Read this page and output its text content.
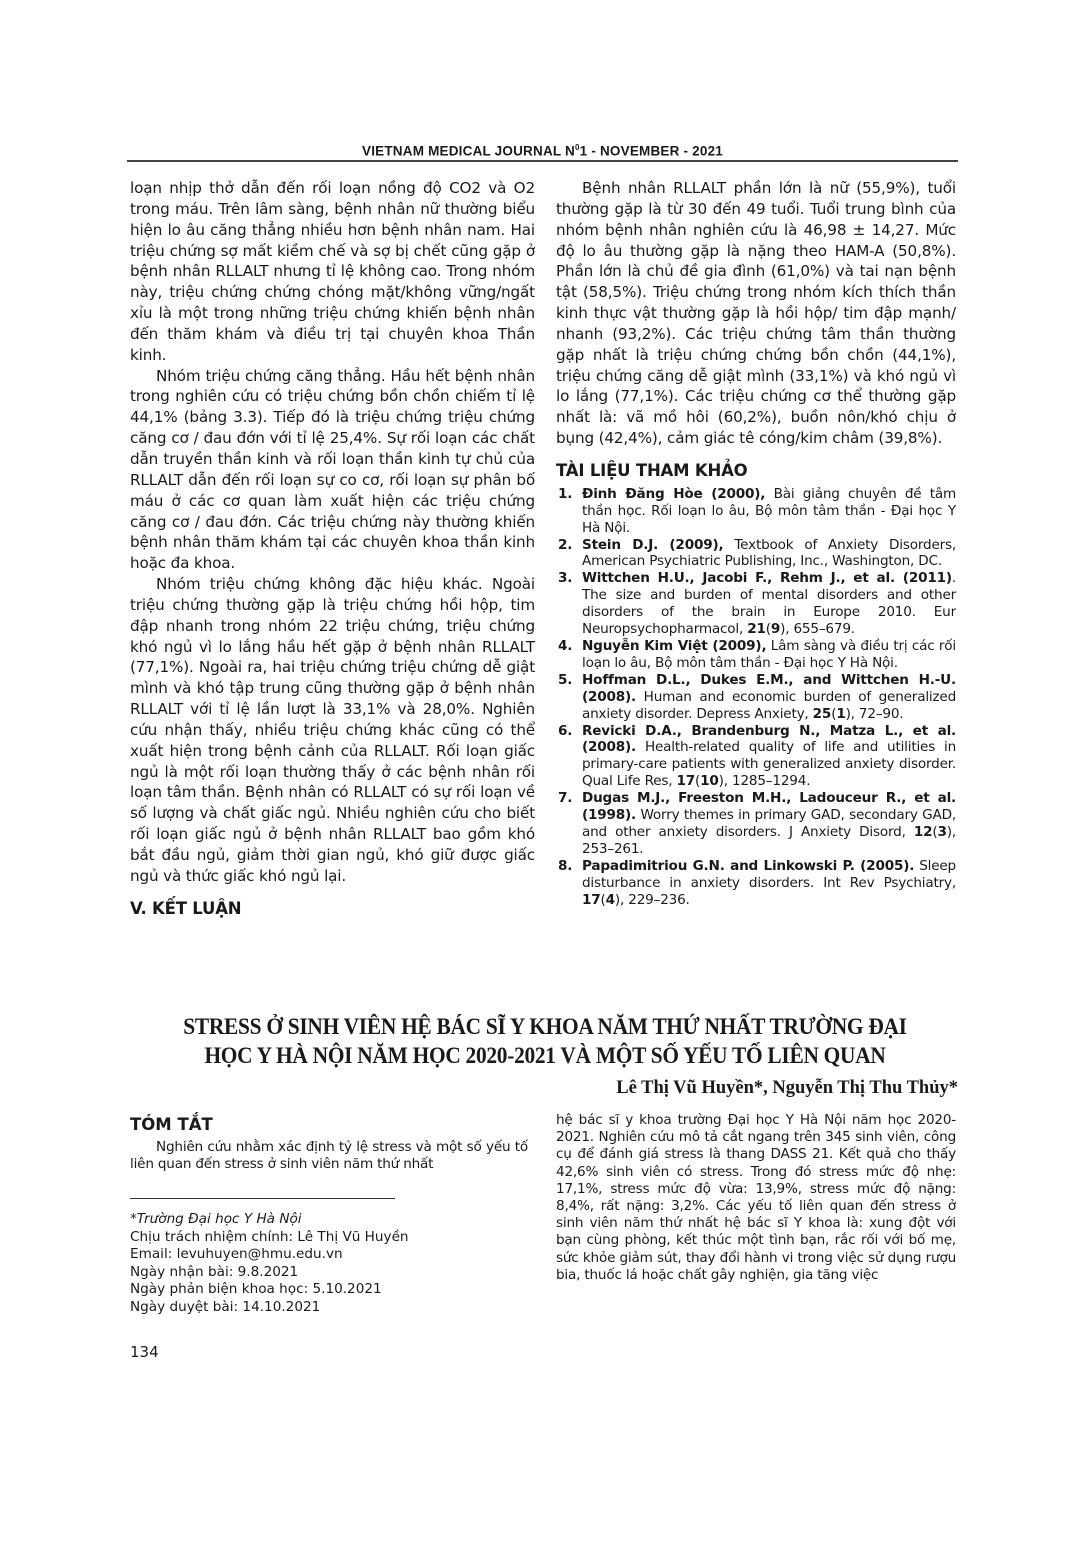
VIETNAM MEDICAL JOURNAL $N^01$ - NOVEMBER - 2021

loạn nhịp thở dẫn đến rối loạn nồng độ CO2 và O2 trong máu. Trên lâm sàng, bệnh nhân nữ thường biểu hiện lo âu căng thẳng nhiều hơn bệnh nhân nam. Hai triệu chứng sợ mất kiềm chế và sợ bị chết cũng gặp ở bệnh nhân RLLALT nhưng tỉ lệ không cao. Trong nhóm này, triệu chứng chứng chóng mặt/không vững/ngất xỉu là một trong những triệu chứng khiến bệnh nhân đến thăm khám và điều trị tại chuyên khoa Thần kinh.

Nhóm triệu chứng căng thẳng. Hầu hết bệnh nhân trong nghiên cứu có triệu chứng bồn chồn chiếm tỉ lệ 44,1% (bảng 3.3). Tiếp đó là triệu chứng triệu chứng căng cơ / đau đớn với tỉ lệ 25,4%. Sự rối loạn các chất dẫn truyền thần kinh và rối loạn thần kinh tự chủ của RLLALT dẫn đến rối loạn sự co cơ, rối loạn sự phân bố máu ở các cơ quan làm xuất hiện các triệu chứng căng cơ / đau đớn. Các triệu chứng này thường khiến bệnh nhân thăm khám tại các chuyên khoa thần kinh hoặc đa khoa.

Nhóm triệu chứng không đặc hiệu khác. Ngoài triệu chứng thường gặp là triệu chứng hồi hộp, tim đập nhanh trong nhóm 22 triệu chứng, triệu chứng khó ngủ vì lo lắng hầu hết gặp ở bệnh nhân RLLALT (77,1%). Ngoài ra, hai triệu chứng triệu chứng dễ giật mình và khó tập trung cũng thường gặp ở bệnh nhân RLLALT với tỉ lệ lần lượt là 33,1% và 28,0%. Nghiên cứu nhận thấy, nhiều triệu chứng khác cũng có thể xuất hiện trong bệnh cảnh của RLLALT. Rối loạn giấc ngủ là một rối loạn thường thấy ở các bệnh nhân rối loạn tâm thần. Bệnh nhân có RLLALT có sự rối loạn về số lượng và chất giấc ngủ. Nhiều nghiên cứu cho biết rối loạn giấc ngủ ở bệnh nhân RLLALT bao gồm khó bắt đầu ngủ, giảm thời gian ngủ, khó giữ được giấc ngủ và thức giấc khó ngủ lại.

V. KẾT LUẬN

Bệnh nhân RLLALT phần lớn là nữ (55,9%), tuổi thường gặp là từ 30 đến 49 tuổi. Tuổi trung bình của nhóm bệnh nhân nghiên cứu là 46,98 ± 14,27. Mức độ lo âu thường gặp là nặng theo HAM-A (50,8%). Phần lớn là chủ đề gia đình (61,0%) và tai nạn bệnh tật (58,5%). Triệu chứng trong nhóm kích thích thần kinh thực vật thường gặp là hồi hộp/ tim đập mạnh/ nhanh (93,2%). Các triệu chứng tâm thần thường gặp nhất là triệu chứng chứng bồn chồn (44,1%), triệu chứng căng dễ giật mình (33,1%) và khó ngủ vì lo lắng (77,1%). Các triệu chứng cơ thể thường gặp nhất là: vã mồ hôi (60,2%), buồn nôn/khó chịu ở bụng (42,4%), cảm giác tê cóng/kim châm (39,8%).

TÀI LIỆU THAM KHẢO
1. Đinh Đăng Hòe (2000), Bài giảng chuyên đề tâm thần học. Rối loạn lo âu, Bộ môn tâm thần - Đại học Y Hà Nội.
2. Stein D.J. (2009), Textbook of Anxiety Disorders, American Psychiatric Publishing, Inc., Washington, DC.
3. Wittchen H.U., Jacobi F., Rehm J., et al. (2011). The size and burden of mental disorders and other disorders of the brain in Europe 2010. Eur Neuropsychopharmacol, 21(9), 655–679.
4. Nguyễn Kim Việt (2009), Lâm sàng và điều trị các rối loạn lo âu, Bộ môn tâm thần - Đại học Y Hà Nội.
5. Hoffman D.L., Dukes E.M., and Wittchen H.-U. (2008). Human and economic burden of generalized anxiety disorder. Depress Anxiety, 25(1), 72–90.
6. Revicki D.A., Brandenburg N., Matza L., et al. (2008). Health-related quality of life and utilities in primary-care patients with generalized anxiety disorder. Qual Life Res, 17(10), 1285–1294.
7. Dugas M.J., Freeston M.H., Ladouceur R., et al. (1998). Worry themes in primary GAD, secondary GAD, and other anxiety disorders. J Anxiety Disord, 12(3), 253–261.
8. Papadimitriou G.N. and Linkowski P. (2005). Sleep disturbance in anxiety disorders. Int Rev Psychiatry, 17(4), 229–236.
STRESS Ở SINH VIÊN HỆ BÁC SĨ Y KHOA NĂM THỨ NHẤT TRƯỜNG ĐẠI
HỌC Y HÀ NỘI NĂM HỌC 2020-2021 VÀ MỘT SỐ YẾU TỐ LIÊN QUAN
Lê Thị Vũ Huyền*, Nguyễn Thị Thu Thủy*
TÓM TẮT
Nghiên cứu nhằm xác định tỷ lệ stress và một số yếu tố liên quan đến stress ở sinh viên năm thứ nhất
hệ bác sĩ y khoa trường Đại học Y Hà Nội năm học 2020-2021. Nghiên cứu mô tả cắt ngang trên 345 sinh viên, công cụ để đánh giá stress là thang DASS 21. Kết quả cho thấy 42,6% sinh viên có stress. Trong đó stress mức độ nhẹ: 17,1%, stress mức độ vừa: 13,9%, stress mức độ nặng: 8,4%, rất nặng: 3,2%. Các yếu tố liên quan đến stress ở sinh viên năm thứ nhất hệ bác sĩ Y khoa là: xung đột với bạn cùng phòng, kết thúc một tình bạn, rắc rối với bố mẹ, sức khỏe giảm sút, thay đổi hành vi trong việc sử dụng rượu bia, thuốc lá hoặc chất gây nghiện, gia tăng việc
*Trường Đại học Y Hà Nội
Chịu trách nhiệm chính: Lê Thị Vũ Huyền
Email: levuhuyen@hmu.edu.vn
Ngày nhận bài: 9.8.2021
Ngày phản biện khoa học: 5.10.2021
Ngày duyệt bài: 14.10.2021
134
